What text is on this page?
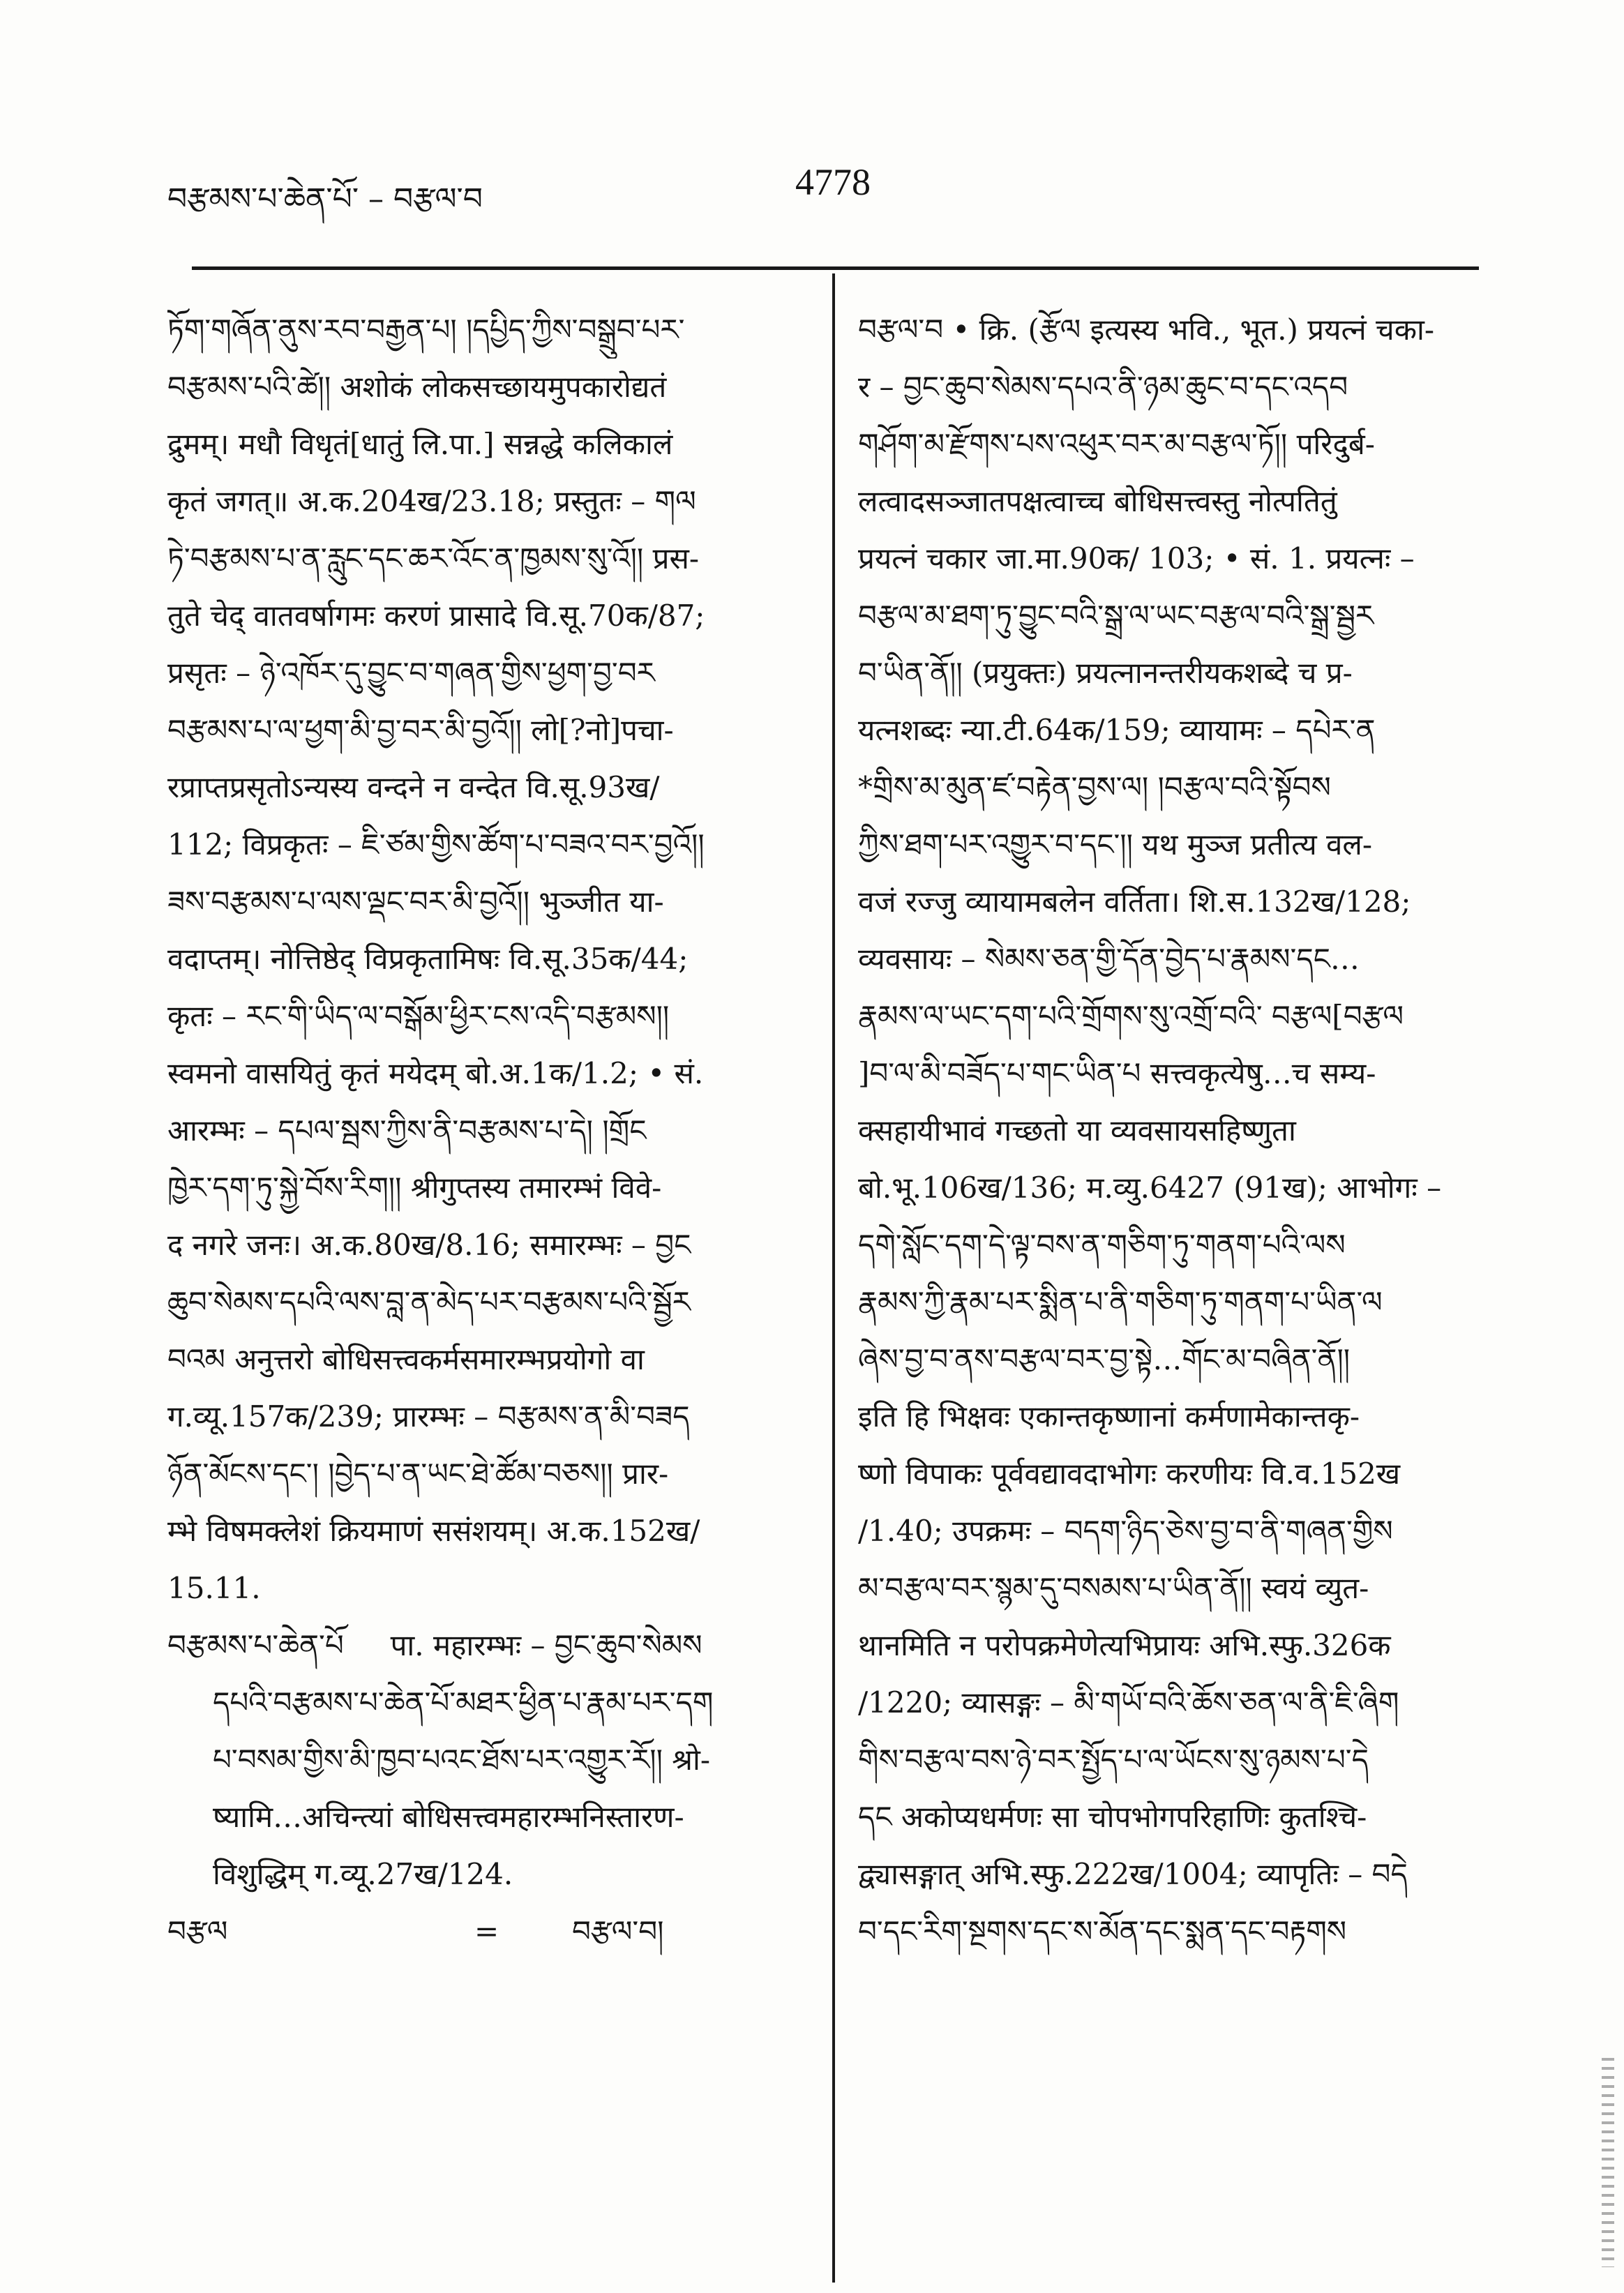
བརྩམས་པ་ཆེན་པོ་ – བརྩལ་བ	4778
ཏོག་གཞོན་ནུས་རབ་བརྒྱན་པ། །དཔྱིད་ཀྱིས་བསྒྲུབ་པར་
བརྩམས་པའི་ཚེ།། अशोकं लोकसच्छायमुपकारोद्यतं
द्रुमम्। मधौ विधृतं[धातुं लि.पा.] सन्नद्धे कलिकालं
कृतं जगत्॥ अ.क.204ख/23.18; प्रस्तुतः – གལ
ཏེ་བརྩམས་པ་ན་རླུང་དང་ཆར་འོང་ན་ཁྱམས་སུ་འོ།། प्रस-
तुते चेद् वातवर्षागमः करणं प्रासादे वि.सू.70क/87;
प्रसृतः – ཉེ་འཁོར་དུ་བྱུང་བ་གཞན་གྱིས་ཕྱག་བྱ་བར
བརྩམས་པ་ལ་ཕྱག་མི་བྱ་བར་མི་བྱའོ།། लो[?नो]पचा-
रप्राप्तप्रसृतोऽन्यस्य वन्दने न वन्देत वि.सू.93ख/
112; विप्रकृतः – ཇི་ཙམ་གྱིས་ཚོག་པ་བཟའ་བར་བྱའོ།།
ཟས་བརྩམས་པ་ལས་ལྡང་བར་མི་བྱའོ།། भुञ्जीत या-
वदाप्तम्। नोत्तिष्ठेद् विप्रकृतामिषः वि.सू.35क/44;
कृतः – རང་གི་ཡིད་ལ་བསྒོམ་ཕྱིར་ངས་འདི་བརྩམས།།
स्वमनो वासयितुं कृतं मयेदम् बो.अ.1क/1.2; • सं.
आरम्भः – དཔལ་སྦས་ཀྱིས་ནི་བརྩམས་པ་དེ། །གྲོང
ཁྱེར་དག་ཏུ་སྐྱེ་བོས་རིག།། श्रीगुप्तस्य तमारम्भं विवे-
द नगरे जनः। अ.क.80ख/8.16; समारम्भः – བྱང
ཆུབ་སེམས་དཔའི་ལས་བླ་ན་མེད་པར་བརྩམས་པའི་སྦྱོར
བའམ अनुत्तरो बोधिसत्त्वकर्मसमारम्भप्रयोगो वा
ग.व्यू.157क/239; प्रारम्भः – བརྩམས་ན་མི་བཟད
ཉོན་མོངས་དང་། །བྱེད་པ་ན་ཡང་ཐེ་ཚོམ་བཅས།། प्रार-
म्भे विषमक्लेशं क्रियमाणं ससंशयम्। अ.क.152ख/
15.11.
བརྩམས་པ་ཆེན་པོ पा. महारम्भः – བྱང་ཆུབ་སེམས
དཔའི་བརྩམས་པ་ཆེན་པོ་མཐར་ཕྱིན་པ་རྣམ་པར་དག
པ་བསམ་གྱིས་མི་ཁྱབ་པའང་ཐོས་པར་འགྱུར་རོ།། श्रो-
ष्यामि…अचिन्त्यां बोधिसत्त्वमहारम्भनिस्तारण-
विशुद्धिम् ग.व्यू.27ख/124.
བརྩལ	= བརྩལ་བ།
བརྩལ་བ • क्रि. (རྩོལ इत्यस्य भवि., भूत.) प्रयत्नं चका-
र – བྱང་ཆུབ་སེམས་དཔའ་ནི་ཉམ་ཆུང་བ་དང་འདབ
གཤོག་མ་རྫོགས་པས་འཕུར་བར་མ་བརྩལ་ཏོ།། परिदुर्ब-
लत्वादसञ्जातपक्षत्वाच्च बोधिसत्त्वस्तु नोत्पतितुं
प्रयत्नं चकार जा.मा.90क/ 103; • सं. 1. प्रयत्नः –
བརྩལ་མ་ཐག་ཏུ་བྱུང་བའི་སྒྲ་ལ་ཡང་བརྩལ་བའི་སྒྲ་སྦྱར
བ་ཡིན་ནོ།། (प्रयुक्तः) प्रयत्नानन्तरीयकशब्दे च प्र-
यत्नशब्दः न्या.टी.64क/159; व्यायामः – དཔེར་ན
*གྲིས་མ་མུན་ཛ་བརྟེན་བྱས་ལ། །བརྩལ་བའི་སྟོབས
ཀྱིས་ཐག་པར་འགྱུར་བ་དང་།། यथ मुञ्ज प्रतीत्य वल-
वजं रज्जु व्यायामबलेन वर्तिता। शि.स.132ख/128;
व्यवसायः – སེམས་ཅན་གྱི་དོན་བྱེད་པ་རྣམས་དང…
རྣམས་ལ་ཡང་དག་པའི་གྲོགས་སུ་འགྲོ་བའི་ བརྩལ[བརྩལ
]བ་ལ་མི་བཟོད་པ་གང་ཡིན་པ सत्त्वकृत्येषु…च सम्य-
क्सहायीभावं गच्छतो या व्यवसायसहिष्णुता
बो.भू.106ख/136; म.व्यु.6427 (91ख); आभोगः –
དགེ་སློང་དག་དེ་ལྟ་བས་ན་གཅིག་ཏུ་གནག་པའི་ལས
རྣམས་ཀྱི་རྣམ་པར་སྨིན་པ་ནི་གཅིག་ཏུ་གནག་པ་ཡིན་ལ
ཞེས་བྱ་བ་ནས་བརྩལ་བར་བྱ་སྟེ…གོང་མ་བཞིན་ནོ།།
इति हि भिक्षवः एकान्तकृष्णानां कर्मणामेकान्तकृ-
ष्णो विपाकः पूर्ववद्यावदाभोगः करणीयः वि.व.152ख
/1.40; उपक्रमः – བདག་ཉིད་ཅེས་བྱ་བ་ནི་གཞན་གྱིས
མ་བརྩལ་བར་སྙམ་དུ་བསམས་པ་ཡིན་ནོ།། स्वयं व्युत-
थानमिति न परोपक्रमेणेत्यभिप्रायः अभि.स्फु.326क
/1220; व्यासङ्गः – མི་གཡོ་བའི་ཆོས་ཅན་ལ་ནི་ཇི་ཞིག
གིས་བརྩལ་བས་ཉེ་བར་སྤྱོད་པ་ལ་ཡོངས་སུ་ཉམས་པ་དེ
དང अकोप्यधर्मणः सा चोपभोगपरिहाणिः कुतश्चि-
द्व्यासङ्गात् अभि.स्फु.222ख/1004; व्यापृतिः – བདེ
བ་དང་རིག་སྔགས་དང་ས་མོན་དང་སྨན་དང་བརྟགས
